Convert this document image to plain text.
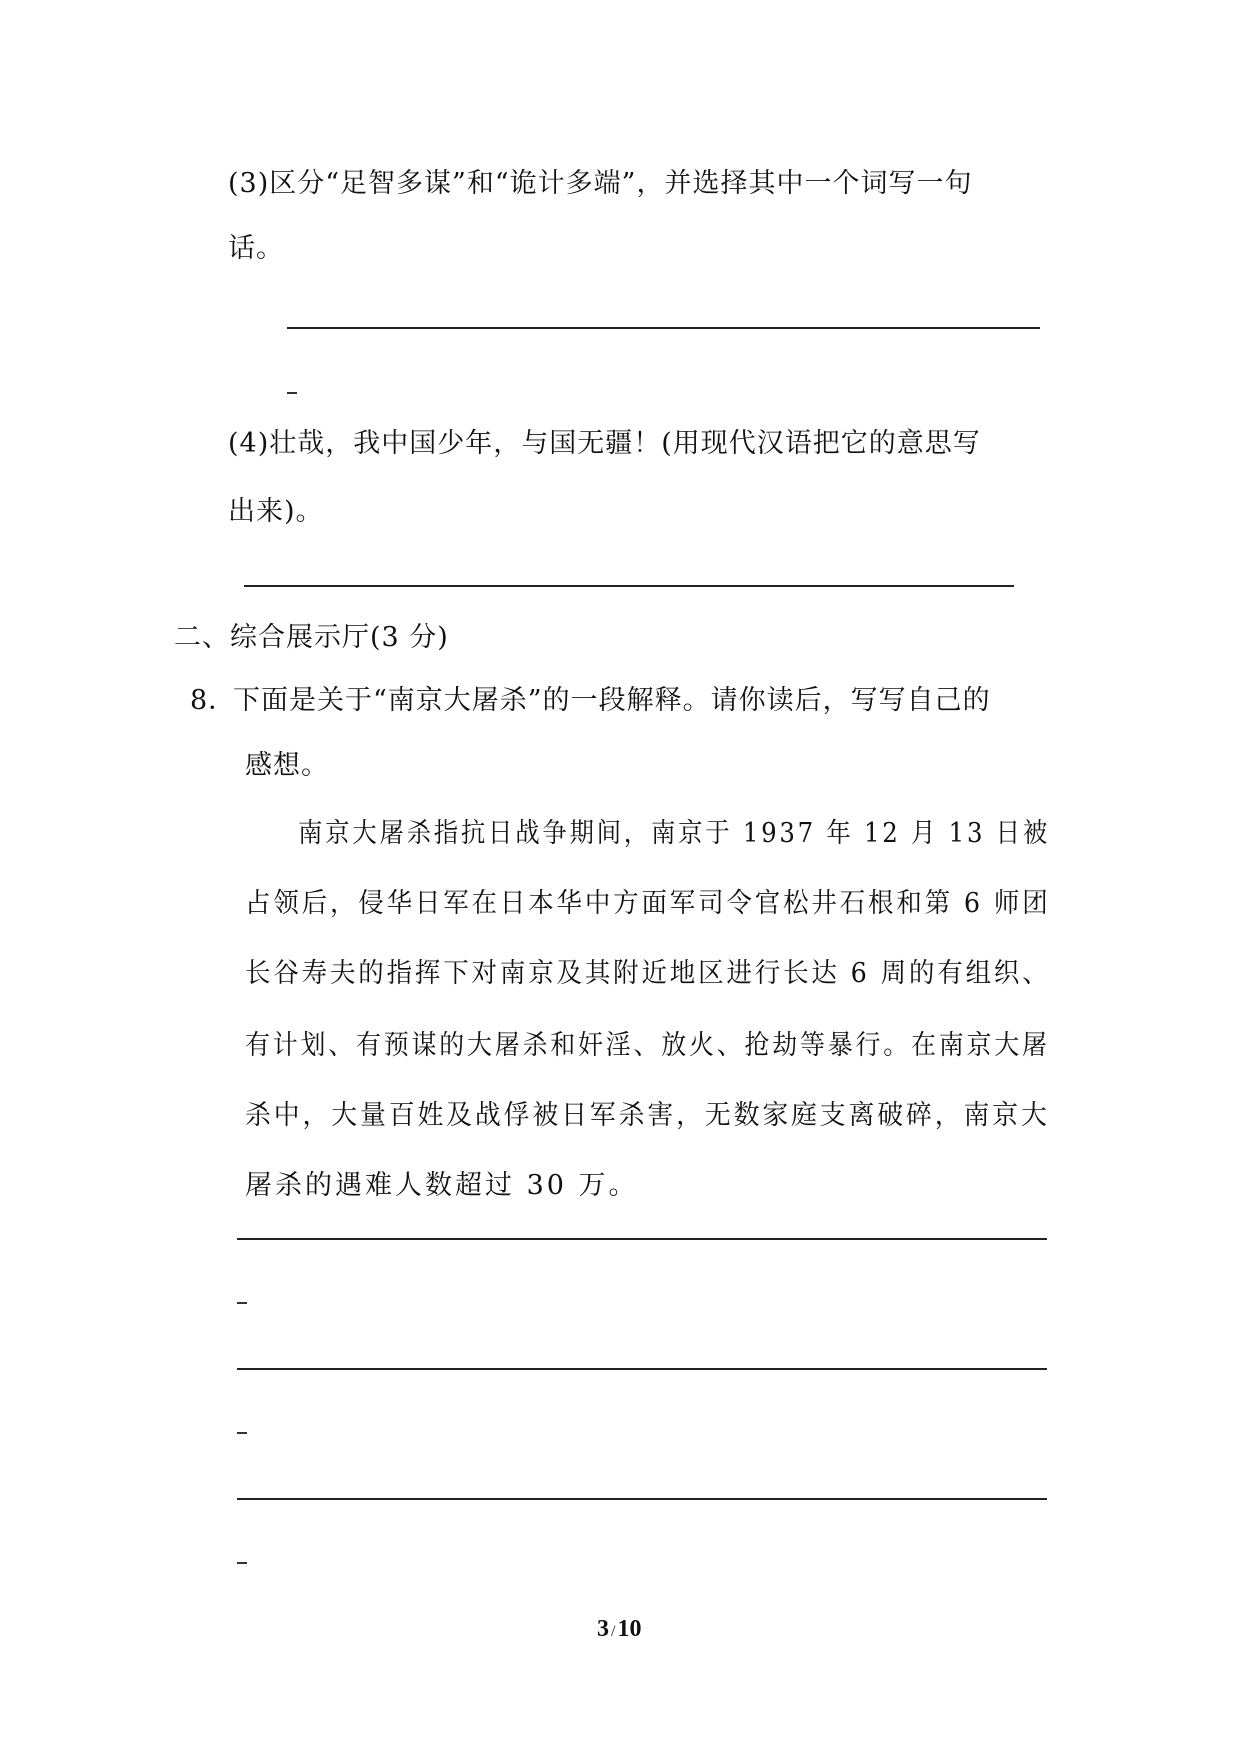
(3)区分“足智多谋”和“诡计多端”，并选择其中一个词写一句
话。
(4)壮哉，我中国少年，与国无疆！(用现代汉语把它的意思写
出来)。
二、综合展示厅(3 分)
8．
下面是关于“南京大屠杀”的一段解释。请你读后，写写自己的
感想。
南京大屠杀指抗日战争期间，南京于 1937 年 12 月 13 日被
占领后，侵华日军在日本华中方面军司令官松井石根和第 6 师团
长谷寿夫的指挥下对南京及其附近地区进行长达 6 周的有组织、
有计划、有预谋的大屠杀和奸淫、放火、抢劫等暴行。在南京大屠
杀中，大量百姓及战俘被日军杀害，无数家庭支离破碎，南京大
屠杀的遇难人数超过 30 万。
3 /10
